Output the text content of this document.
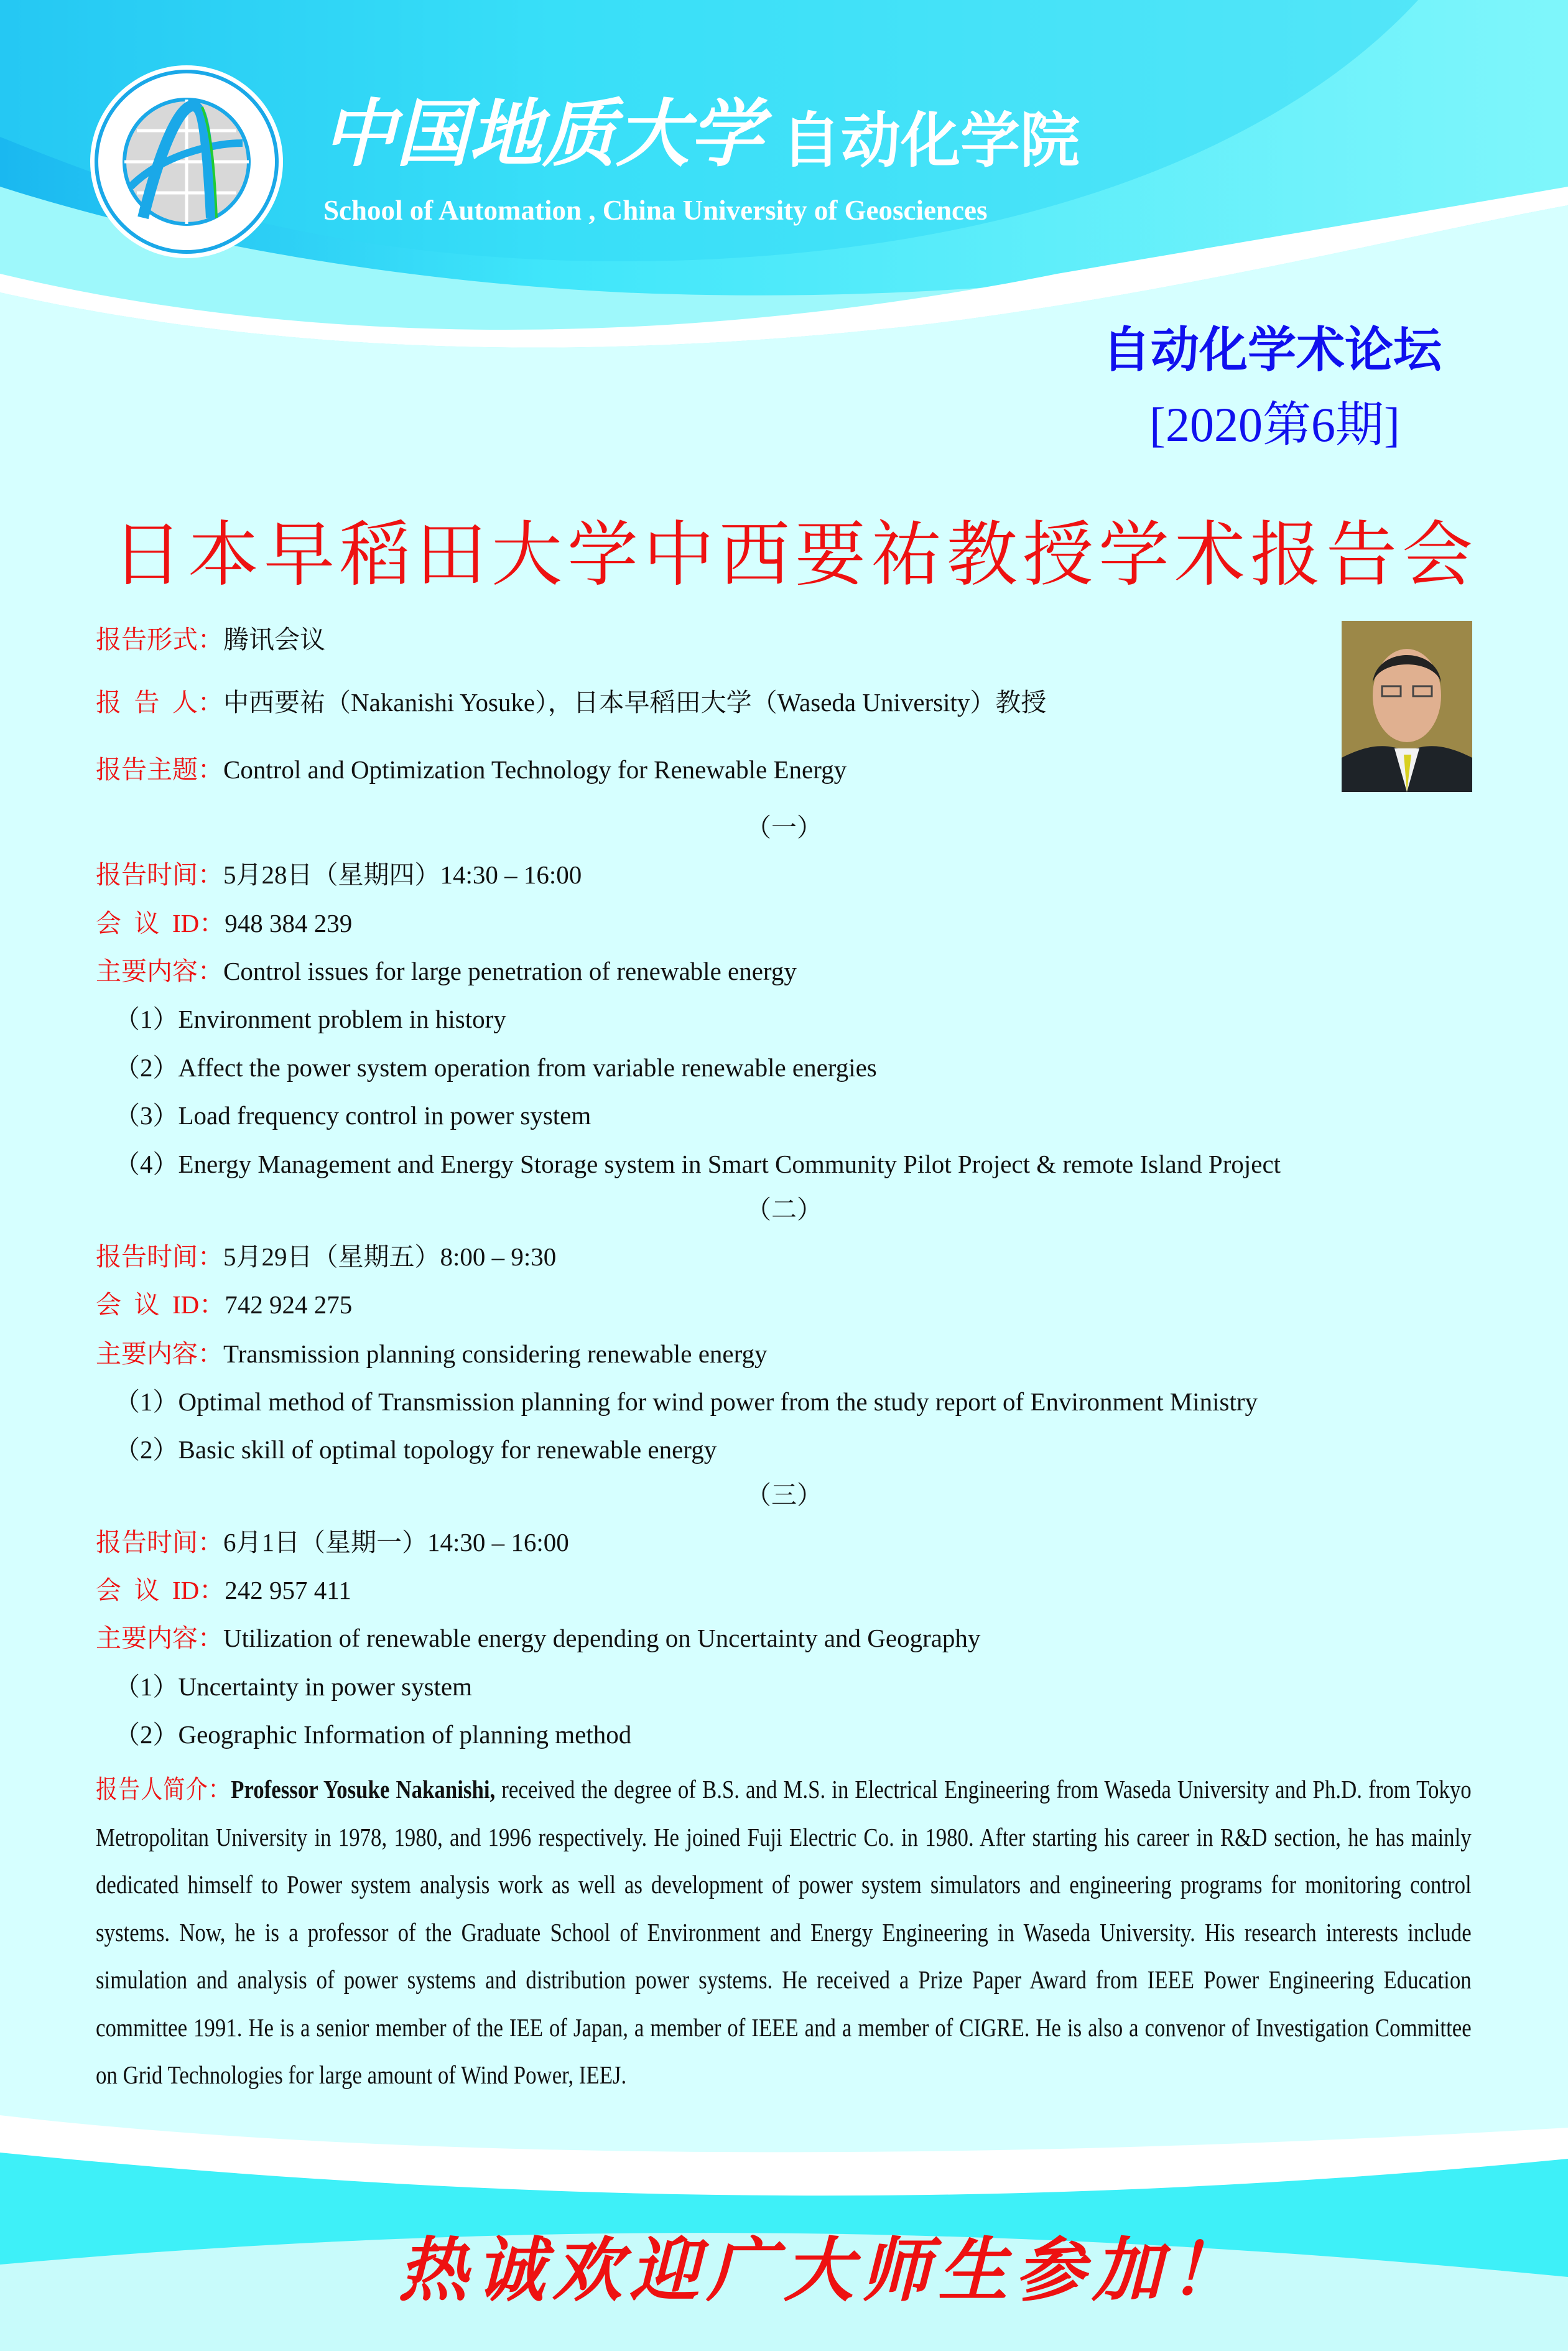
中国地质大学 自动化学院
School of Automation , China University of Geosciences
自动化学术论坛
[2020第6期]
日本早稻田大学中西要祐教授学术报告会
报告形式：腾讯会议
报  告  人：中西要祐（Nakanishi Yosuke），日本早稻田大学（Waseda University）教授
报告主题：Control and Optimization Technology for Renewable Energy
（一）
报告时间：5月28日（星期四）14:30 – 16:00
会  议  ID：948 384 239
主要内容：Control issues for large penetration of renewable energy
（1）Environment problem in history
（2）Affect the power system operation from variable renewable energies
（3）Load frequency control in power system
（4）Energy Management and Energy Storage system in Smart Community Pilot Project & remote Island Project
（二）
报告时间：5月29日（星期五）8:00 – 9:30
会  议  ID：742 924 275
主要内容：Transmission planning considering renewable energy
（1）Optimal method of Transmission planning for wind power from the study report of Environment Ministry
（2）Basic skill of optimal topology for renewable energy
（三）
报告时间：6月1日（星期一）14:30 – 16:00
会  议  ID：242 957 411
主要内容：Utilization of renewable energy depending on Uncertainty and Geography
（1）Uncertainty in power system
（2）Geographic Information of planning method
报告人简介：Professor Yosuke Nakanishi, received the degree of B.S. and M.S. in Electrical Engineering from Waseda University and Ph.D. from Tokyo Metropolitan University in 1978, 1980, and 1996 respectively. He joined Fuji Electric Co. in 1980. After starting his career in R&D section, he has mainly dedicated himself to Power system analysis work as well as development of power system simulators and engineering programs for monitoring control systems. Now, he is a professor of the Graduate School of Environment and Energy Engineering in Waseda University. His research interests include simulation and analysis of power systems and distribution power systems. He received a Prize Paper Award from IEEE Power Engineering Education committee 1991. He is a senior member of the IEE of Japan, a member of IEEE and a member of CIGRE. He is also a convenor of Investigation Committee on Grid Technologies for large amount of Wind Power, IEEJ.
热诚欢迎广大师生参加！
